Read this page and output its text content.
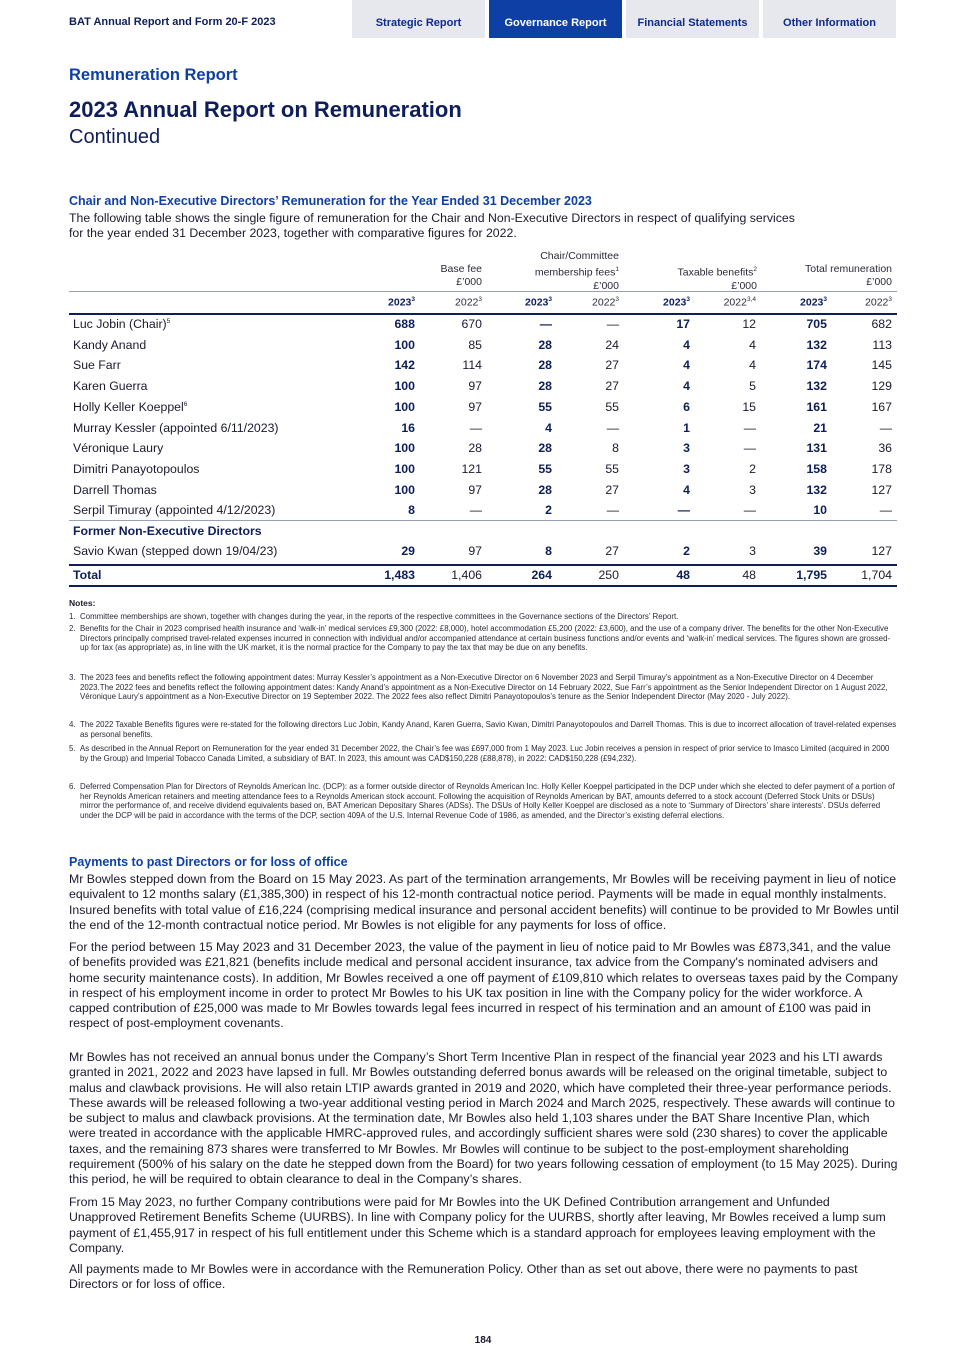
BAT Annual Report and Form 20-F 2023	Strategic Report	Governance Report	Financial Statements	Other Information
Remuneration Report
2023 Annual Report on Remuneration
Continued
Chair and Non-Executive Directors’ Remuneration for the Year Ended 31 December 2023
The following table shows the single figure of remuneration for the Chair and Non-Executive Directors in respect of qualifying services
for the year ended 31 December 2023, together with comparative figures for 2022.

Base fee
£’000
Chair/Committee
membership fees$^1$
£’000

Taxable benefits$^2$
£’000

Total remuneration
£’000
2023$^3$	2022$^3$	2023$^3$	2022$^3$	2023$^3$	2022$^{3,4}$	2023$^3$	2022$^3$
Luc Jobin (Chair)$^5$	688	670	—	—	17	12	705	682
Kandy Anand	100	85	28	24	4	4	132	113
Sue Farr	142	114	28	27	4	4	174	145
Karen Guerra	100	97	28	27	4	5	132	129
Holly Keller Koeppel$^6$	100	97	55	55	6	15	161	167
Murray Kessler (appointed 6/11/2023)	16	—	4	—	1	—	21	—
Véronique Laury	100	28	28	8	3	—	131	36
Dimitri Panayotopoulos	100	121	55	55	3	2	158	178
Darrell Thomas	100	97	28	27	4	3	132	127
Serpil Timuray (appointed 4/12/2023)	8	—	2	—	—	—	10	—
Former Non-Executive Directors
Savio Kwan (stepped down 19/04/23)	29	97	8	27	2	3	39	127
Total	1,483	1,406	264	250	48	48	1,795	1,704
Notes:
1. Committee memberships are shown, together with changes during the year, in the reports of the respective committees in the Governance sections of the Directors’ Report.
2. Benefits for the Chair in 2023 comprised health insurance and ‘walk-in’ medical services £9,300 (2022: £8,000), hotel accommodation £5,200 (2022: £3,600), and the use of a company driver. The benefits for the other Non-Executive Directors principally comprised travel-related expenses incurred in connection with individual and/or accompanied attendance at certain business functions and/or events and ‘walk-in’ medical services. The figures shown are grossed-up for tax (as appropriate) as, in line with the UK market, it is the normal practice for the Company to pay the tax that may be due on any benefits.
3. The 2023 fees and benefits reflect the following appointment dates: Murray Kessler’s appointment as a Non-Executive Director on 6 November 2023 and Serpil Timuray’s appointment as a Non-Executive Director on 4 December 2023.The 2022 fees and benefits reflect the following appointment dates: Kandy Anand’s appointment as a Non-Executive Director on 14 February 2022, Sue Farr’s appointment as the Senior Independent Director on 1 August 2022, Véronique Laury’s appointment as a Non-Executive Director on 19 September 2022. The 2022 fees also reflect Dimitri Panayotopoulos’s tenure as the Senior Independent Director (May 2020 - July 2022).
4. The 2022 Taxable Benefits figures were re-stated for the following directors Luc Jobin, Kandy Anand, Karen Guerra, Savio Kwan, Dimitri Panayotopoulos and Darrell Thomas. This is due to incorrect allocation of travel-related expenses as personal benefits.
5. As described in the Annual Report on Remuneration for the year ended 31 December 2022, the Chair’s fee was £697,000 from 1 May 2023. Luc Jobin receives a pension in respect of prior service to Imasco Limited (acquired in 2000 by the Group) and Imperial Tobacco Canada Limited, a subsidiary of BAT. In 2023, this amount was CAD$150,228 (£88,878), in 2022: CAD$150,228 (£94,232).
6. Deferred Compensation Plan for Directors of Reynolds American Inc. (DCP): as a former outside director of Reynolds American Inc. Holly Keller Koeppel participated in the DCP under which she elected to defer payment of a portion of her Reynolds American retainers and meeting attendance fees to a Reynolds American stock account. Following the acquisition of Reynolds American by BAT, amounts deferred to a stock account (Deferred Stock Units or DSUs) mirror the performance of, and receive dividend equivalents based on, BAT American Depositary Shares (ADSs). The DSUs of Holly Keller Koeppel are disclosed as a note to ‘Summary of Directors’ share interests’. DSUs deferred under the DCP will be paid in accordance with the terms of the DCP, section 409A of the U.S. Internal Revenue Code of 1986, as amended, and the Director’s existing deferral elections.
Payments to past Directors or for loss of office
Mr Bowles stepped down from the Board on 15 May 2023. As part of the termination arrangements, Mr Bowles will be receiving payment in lieu of notice equivalent to 12 months salary (£1,385,300) in respect of his 12-month contractual notice period. Payments will be made in equal monthly instalments. Insured benefits with total value of £16,224 (comprising medical insurance and personal accident benefits) will continue to be provided to Mr Bowles until the end of the 12-month contractual notice period. Mr Bowles is not eligible for any payments for loss of office.
For the period between 15 May 2023 and 31 December 2023, the value of the payment in lieu of notice paid to Mr Bowles was £873,341, and the value of benefits provided was £21,821 (benefits include medical and personal accident insurance, tax advice from the Company's nominated advisers and home security maintenance costs). In addition, Mr Bowles received a one off payment of £109,810 which relates to overseas taxes paid by the Company in respect of his employment income in order to protect Mr Bowles to his UK tax position in line with the Company policy for the wider workforce. A capped contribution of £25,000 was made to Mr Bowles towards legal fees incurred in respect of his termination and an amount of £100 was paid in respect of post-employment covenants.
Mr Bowles has not received an annual bonus under the Company’s Short Term Incentive Plan in respect of the financial year 2023 and his LTI awards granted in 2021, 2022 and 2023 have lapsed in full. Mr Bowles outstanding deferred bonus awards will be released on the original timetable, subject to malus and clawback provisions. He will also retain LTIP awards granted in 2019 and 2020, which have completed their three-year performance periods. These awards will be released following a two-year additional vesting period in March 2024 and March 2025, respectively. These awards will continue to be subject to malus and clawback provisions. At the termination date, Mr Bowles also held 1,103 shares under the BAT Share Incentive Plan, which were treated in accordance with the applicable HMRC-approved rules, and accordingly sufficient shares were sold (230 shares) to cover the applicable taxes, and the remaining 873 shares were transferred to Mr Bowles. Mr Bowles will continue to be subject to the post-employment shareholding requirement (500% of his salary on the date he stepped down from the Board) for two years following cessation of employment (to 15 May 2025). During this period, he will be required to obtain clearance to deal in the Company’s shares.
From 15 May 2023, no further Company contributions were paid for Mr Bowles into the UK Defined Contribution arrangement and Unfunded Unapproved Retirement Benefits Scheme (UURBS). In line with Company policy for the UURBS, shortly after leaving, Mr Bowles received a lump sum payment of £1,455,917 in respect of his full entitlement under this Scheme which is a standard approach for employees leaving employment with the Company.
All payments made to Mr Bowles were in accordance with the Remuneration Policy. Other than as set out above, there were no payments to past Directors or for loss of office.
184
